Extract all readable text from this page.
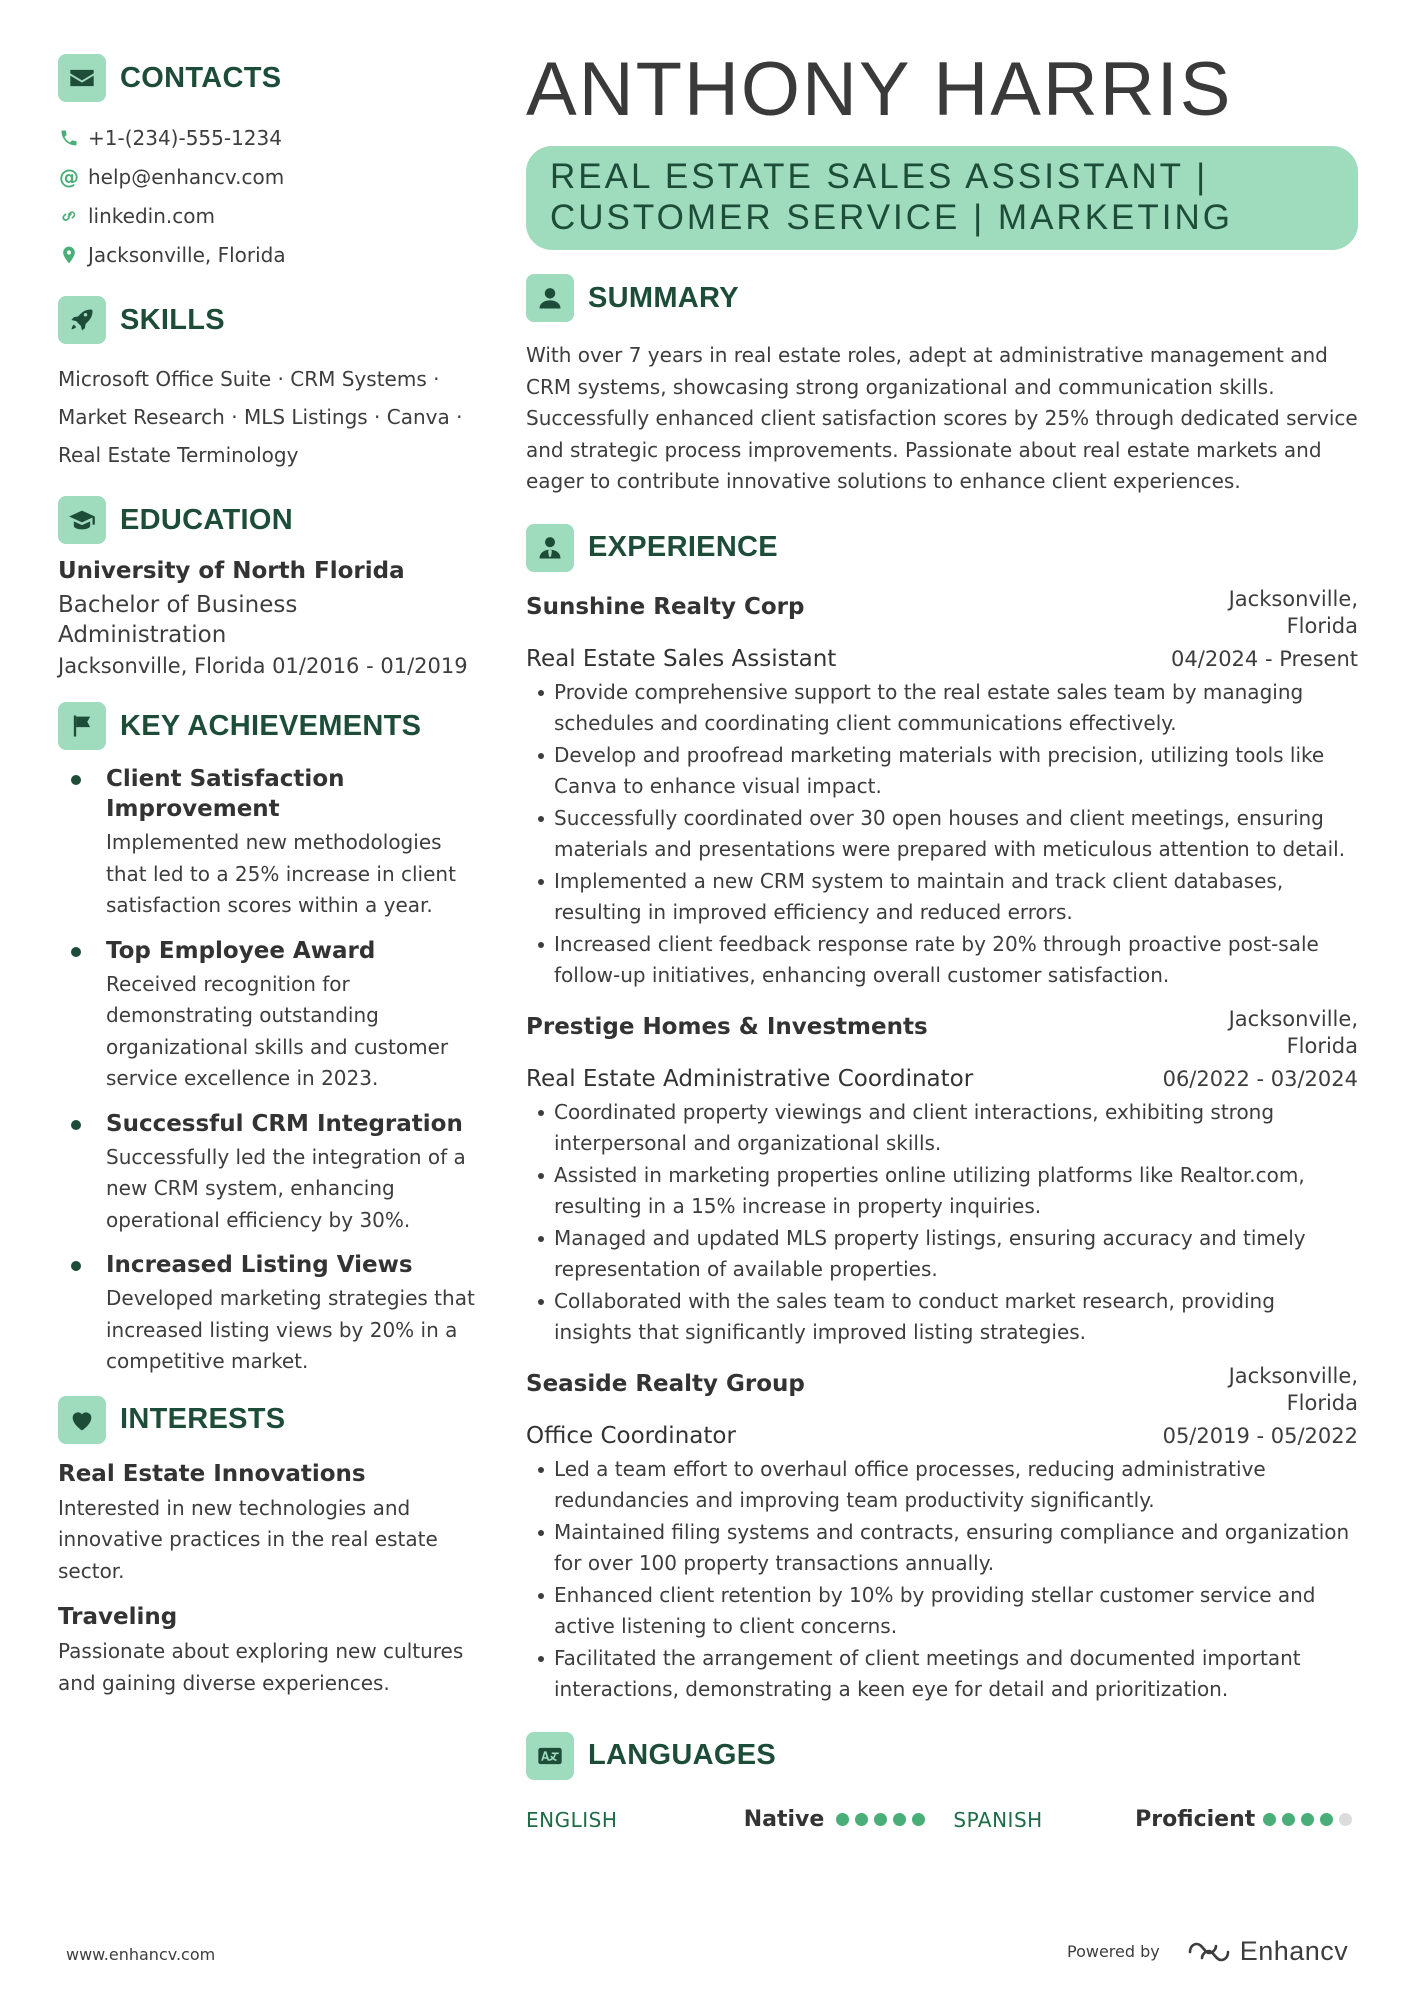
CONTACTS
+1-(234)-555-1234
@ help@enhancv.com
linkedin.com
Jacksonville, Florida
SKILLS
Microsoft Office Suite · CRM Systems ·
Market Research · MLS Listings · Canva ·
Real Estate Terminology
EDUCATION
University of North Florida
Bachelor of Business Administration
Jacksonville, Florida 01/2016 - 01/2019
KEY ACHIEVEMENTS
Client Satisfaction Improvement
Implemented new methodologies that led to a 25% increase in client satisfaction scores within a year.
Top Employee Award
Received recognition for demonstrating outstanding organizational skills and customer service excellence in 2023.
Successful CRM Integration
Successfully led the integration of a new CRM system, enhancing operational efficiency by 30%.
Increased Listing Views
Developed marketing strategies that increased listing views by 20% in a competitive market.
INTERESTS
Real Estate Innovations
Interested in new technologies and innovative practices in the real estate sector.
Traveling
Passionate about exploring new cultures and gaining diverse experiences.
ANTHONY HARRIS
REAL ESTATE SALES ASSISTANT |
CUSTOMER SERVICE | MARKETING
SUMMARY
With over 7 years in real estate roles, adept at administrative management and CRM systems, showcasing strong organizational and communication skills. Successfully enhanced client satisfaction scores by 25% through dedicated service and strategic process improvements. Passionate about real estate markets and eager to contribute innovative solutions to enhance client experiences.
EXPERIENCE
Sunshine Realty Corp	Jacksonville, Florida
Real Estate Sales Assistant	04/2024 - Present
Provide comprehensive support to the real estate sales team by managing schedules and coordinating client communications effectively.
Develop and proofread marketing materials with precision, utilizing tools like Canva to enhance visual impact.
Successfully coordinated over 30 open houses and client meetings, ensuring materials and presentations were prepared with meticulous attention to detail.
Implemented a new CRM system to maintain and track client databases, resulting in improved efficiency and reduced errors.
Increased client feedback response rate by 20% through proactive post-sale follow-up initiatives, enhancing overall customer satisfaction.
Prestige Homes & Investments	Jacksonville, Florida
Real Estate Administrative Coordinator	06/2022 - 03/2024
Coordinated property viewings and client interactions, exhibiting strong interpersonal and organizational skills.
Assisted in marketing properties online utilizing platforms like Realtor.com, resulting in a 15% increase in property inquiries.
Managed and updated MLS property listings, ensuring accuracy and timely representation of available properties.
Collaborated with the sales team to conduct market research, providing insights that significantly improved listing strategies.
Seaside Realty Group	Jacksonville, Florida
Office Coordinator	05/2019 - 05/2022
Led a team effort to overhaul office processes, reducing administrative redundancies and improving team productivity significantly.
Maintained filing systems and contracts, ensuring compliance and organization for over 100 property transactions annually.
Enhanced client retention by 10% by providing stellar customer service and active listening to client concerns.
Facilitated the arrangement of client meetings and documented important interactions, demonstrating a keen eye for detail and prioritization.
LANGUAGES
ENGLISH	Native	SPANISH	Proficient
www.enhancv.com	Powered by	Enhancv
